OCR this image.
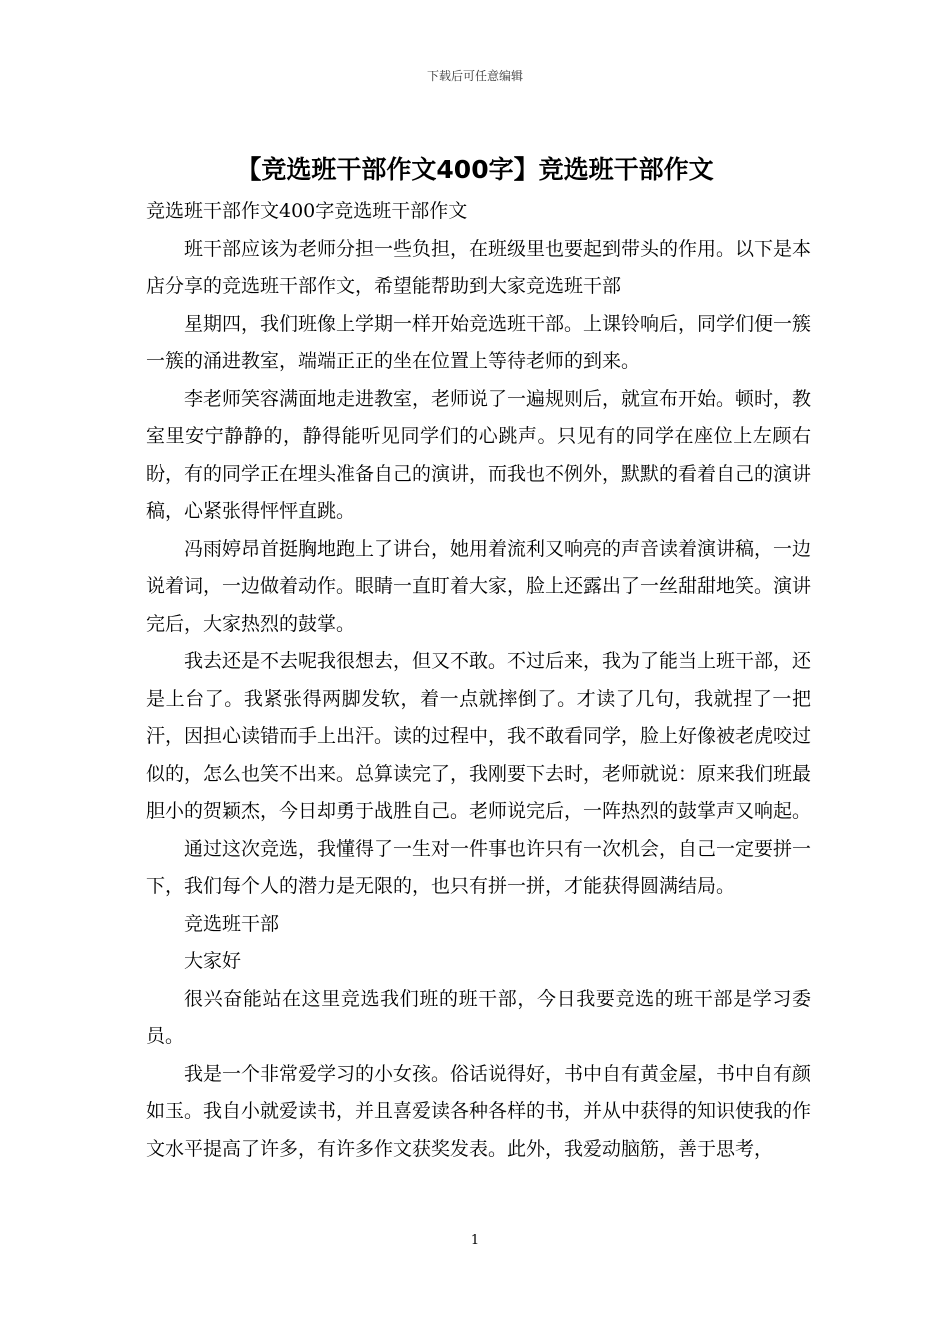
下载后可任意编辑
【竞选班干部作文400字】竞选班干部作文

竞选班干部作文400字竞选班干部作文

班干部应该为老师分担一些负担，在班级里也要起到带头的作用。以下是本店分享的竞选班干部作文，希望能帮助到大家竞选班干部

星期四，我们班像上学期一样开始竞选班干部。上课铃响后，同学们便一簇一簇的涌进教室，端端正正的坐在位置上等待老师的到来。

李老师笑容满面地走进教室，老师说了一遍规则后，就宣布开始。顿时，教室里安宁静静的，静得能听见同学们的心跳声。只见有的同学在座位上左顾右盼，有的同学正在埋头准备自己的演讲，而我也不例外，默默的看着自己的演讲稿，心紧张得怦怦直跳。

冯雨婷昂首挺胸地跑上了讲台，她用着流利又响亮的声音读着演讲稿，一边说着词，一边做着动作。眼睛一直盯着大家，脸上还露出了一丝甜甜地笑。演讲完后，大家热烈的鼓掌。

我去还是不去呢我很想去，但又不敢。不过后来，我为了能当上班干部，还是上台了。我紧张得两脚发软，着一点就摔倒了。才读了几句，我就捏了一把汗，因担心读错而手上出汗。读的过程中，我不敢看同学，脸上好像被老虎咬过似的，怎么也笑不出来。总算读完了，我刚要下去时，老师就说：原来我们班最胆小的贺颖杰，今日却勇于战胜自己。老师说完后，一阵热烈的鼓掌声又响起。

通过这次竞选，我懂得了一生对一件事也许只有一次机会，自己一定要拼一下，我们每个人的潜力是无限的，也只有拼一拼，才能获得圆满结局。

竞选班干部

大家好

很兴奋能站在这里竞选我们班的班干部，今日我要竞选的班干部是学习委员。

我是一个非常爱学习的小女孩。俗话说得好，书中自有黄金屋，书中自有颜如玉。我自小就爱读书，并且喜爱读各种各样的书，并从中获得的知识使我的作文水平提高了许多，有许多作文获奖发表。此外，我爱动脑筋，善于思考，

1
